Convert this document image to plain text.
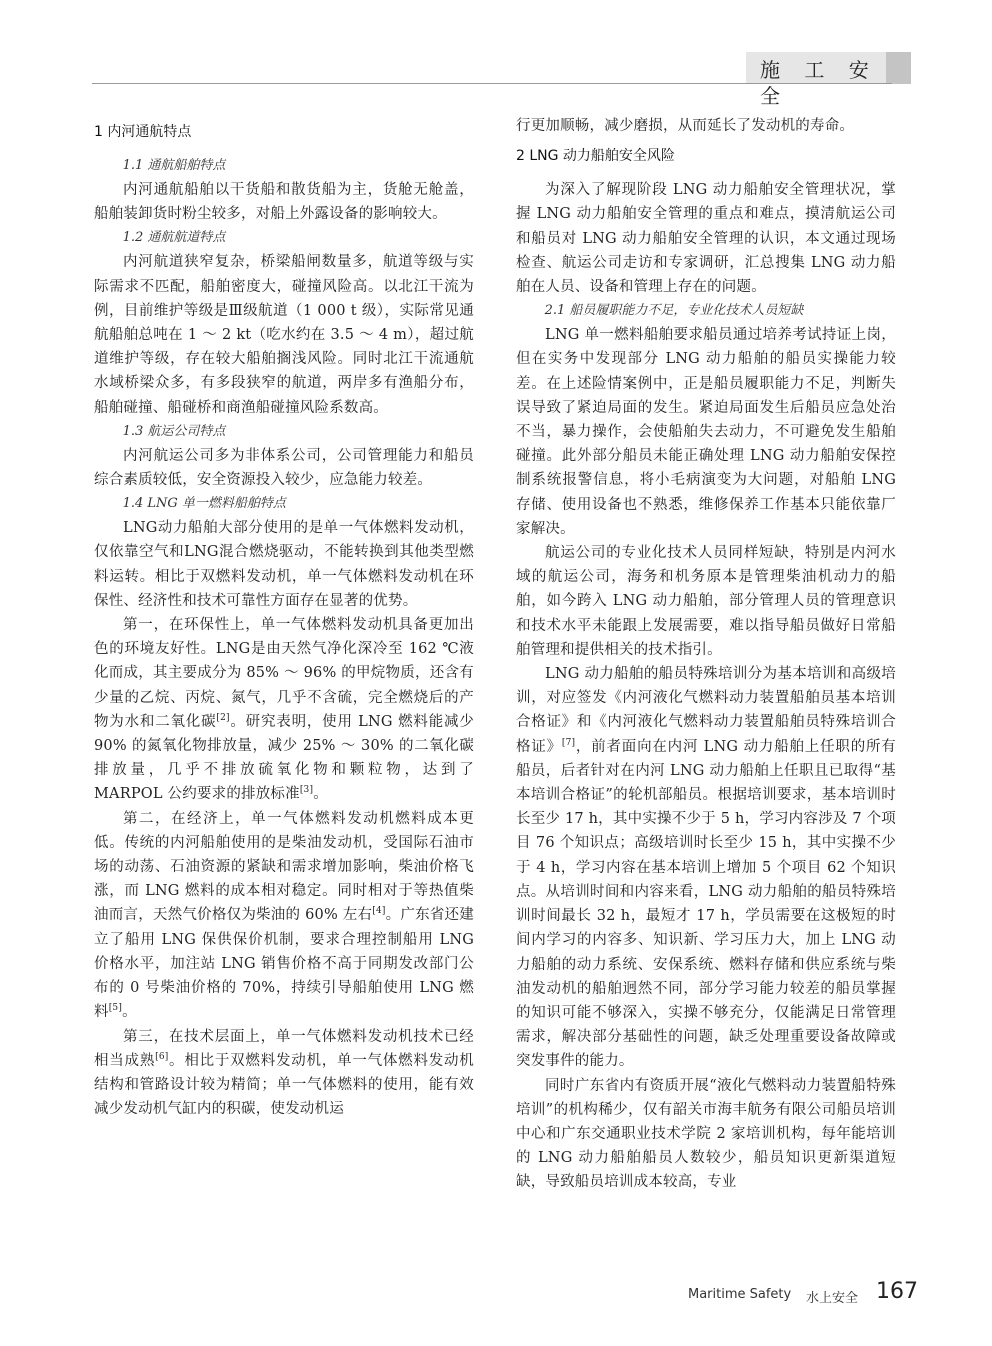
施 工 安 全
1 内河通航特点
1.1 通航船舶特点

内河通航船舶以干货船和散货船为主，货舱无舱盖，船舶装卸货时粉尘较多，对船上外露设备的影响较大。

1.2 通航航道特点

内河航道狭窄复杂，桥梁船闸数量多，航道等级与实际需求不匹配，船舶密度大，碰撞风险高。以北江干流为例，目前维护等级是Ⅲ级航道（1 000 t 级），实际常见通航船舶总吨在 1 ～ 2 kt（吃水约在 3.5 ～ 4 m），超过航道维护等级，存在较大船舶搁浅风险。同时北江干流通航水域桥梁众多，有多段狭窄的航道，两岸多有渔船分布，船舶碰撞、船碰桥和商渔船碰撞风险系数高。

1.3 航运公司特点

内河航运公司多为非体系公司，公司管理能力和船员综合素质较低，安全资源投入较少，应急能力较差。

1.4 LNG 单一燃料船舶特点

LNG动力船舶大部分使用的是单一气体燃料发动机，仅依靠空气和LNG混合燃烧驱动，不能转换到其他类型燃料运转。相比于双燃料发动机，单一气体燃料发动机在环保性、经济性和技术可靠性方面存在显著的优势。

第一，在环保性上，单一气体燃料发动机具备更加出色的环境友好性。LNG是由天然气净化深冷至 162 ℃液化而成，其主要成分为 85% ～ 96% 的甲烷物质，还含有少量的乙烷、丙烷、氮气，几乎不含硫，完全燃烧后的产物为水和二氧化碳[2]。研究表明，使用 LNG 燃料能减少 90% 的氮氧化物排放量，减少 25% ～ 30% 的二氧化碳排放量，几乎不排放硫氧化物和颗粒物，达到了 MARPOL 公约要求的排放标准[3]。

第二，在经济上，单一气体燃料发动机燃料成本更低。传统的内河船舶使用的是柴油发动机，受国际石油市场的动荡、石油资源的紧缺和需求增加影响，柴油价格飞涨，而 LNG 燃料的成本相对稳定。同时相对于等热值柴油而言，天然气价格仅为柴油的 60% 左右[4]。广东省还建立了船用 LNG 保供保价机制，要求合理控制船用 LNG 价格水平，加注站 LNG 销售价格不高于同期发改部门公布的 0 号柴油价格的 70%，持续引导船舶使用 LNG 燃料[5]。

第三，在技术层面上，单一气体燃料发动机技术已经相当成熟[6]。相比于双燃料发动机，单一气体燃料发动机结构和管路设计较为精简；单一气体燃料的使用，能有效减少发动机气缸内的积碳，使发动机运

行更加顺畅，减少磨损，从而延长了发动机的寿命。

2 LNG 动力船舶安全风险

为深入了解现阶段 LNG 动力船舶安全管理状况，掌握 LNG 动力船舶安全管理的重点和难点，摸清航运公司和船员对 LNG 动力船舶安全管理的认识，本文通过现场检查、航运公司走访和专家调研，汇总搜集 LNG 动力船舶在人员、设备和管理上存在的问题。

2.1 船员履职能力不足，专业化技术人员短缺

LNG 单一燃料船舶要求船员通过培养考试持证上岗，但在实务中发现部分 LNG 动力船舶的船员实操能力较差。在上述险情案例中，正是船员履职能力不足，判断失误导致了紧迫局面的发生。紧迫局面发生后船员应急处治不当，暴力操作，会使船舶失去动力，不可避免发生船舶碰撞。此外部分船员未能正确处理 LNG 动力船舶安保控制系统报警信息，将小毛病演变为大问题，对船舶 LNG 存储、使用设备也不熟悉，维修保养工作基本只能依靠厂家解决。

航运公司的专业化技术人员同样短缺，特别是内河水域的航运公司，海务和机务原本是管理柴油机动力的船舶，如今跨入 LNG 动力船舶，部分管理人员的管理意识和技术水平未能跟上发展需要，难以指导船员做好日常船舶管理和提供相关的技术指引。

LNG 动力船舶的船员特殊培训分为基本培训和高级培训，对应签发《内河液化气燃料动力装置船舶员基本培训合格证》和《内河液化气燃料动力装置船舶员特殊培训合格证》[7]，前者面向在内河 LNG 动力船舶上任职的所有船员，后者针对在内河 LNG 动力船舶上任职且已取得“基本培训合格证”的轮机部船员。根据培训要求，基本培训时长至少 17 h，其中实操不少于 5 h，学习内容涉及 7 个项目 76 个知识点；高级培训时长至少 15 h，其中实操不少于 4 h，学习内容在基本培训上增加 5 个项目 62 个知识点。从培训时间和内容来看，LNG 动力船舶的船员特殊培训时间最长 32 h，最短才 17 h，学员需要在这极短的时间内学习的内容多、知识新、学习压力大，加上 LNG 动力船舶的动力系统、安保系统、燃料存储和供应系统与柴油发动机的船舶迥然不同，部分学习能力较差的船员掌握的知识可能不够深入，实操不够充分，仅能满足日常管理需求，解决部分基础性的问题，缺乏处理重要设备故障或突发事件的能力。

同时广东省内有资质开展“液化气燃料动力装置船特殊培训”的机构稀少，仅有韶关市海丰航务有限公司船员培训中心和广东交通职业技术学院 2 家培训机构，每年能培训的 LNG 动力船舶船员人数较少，船员知识更新渠道短缺，导致船员培训成本较高，专业

Maritime Safety 水上安全 167
